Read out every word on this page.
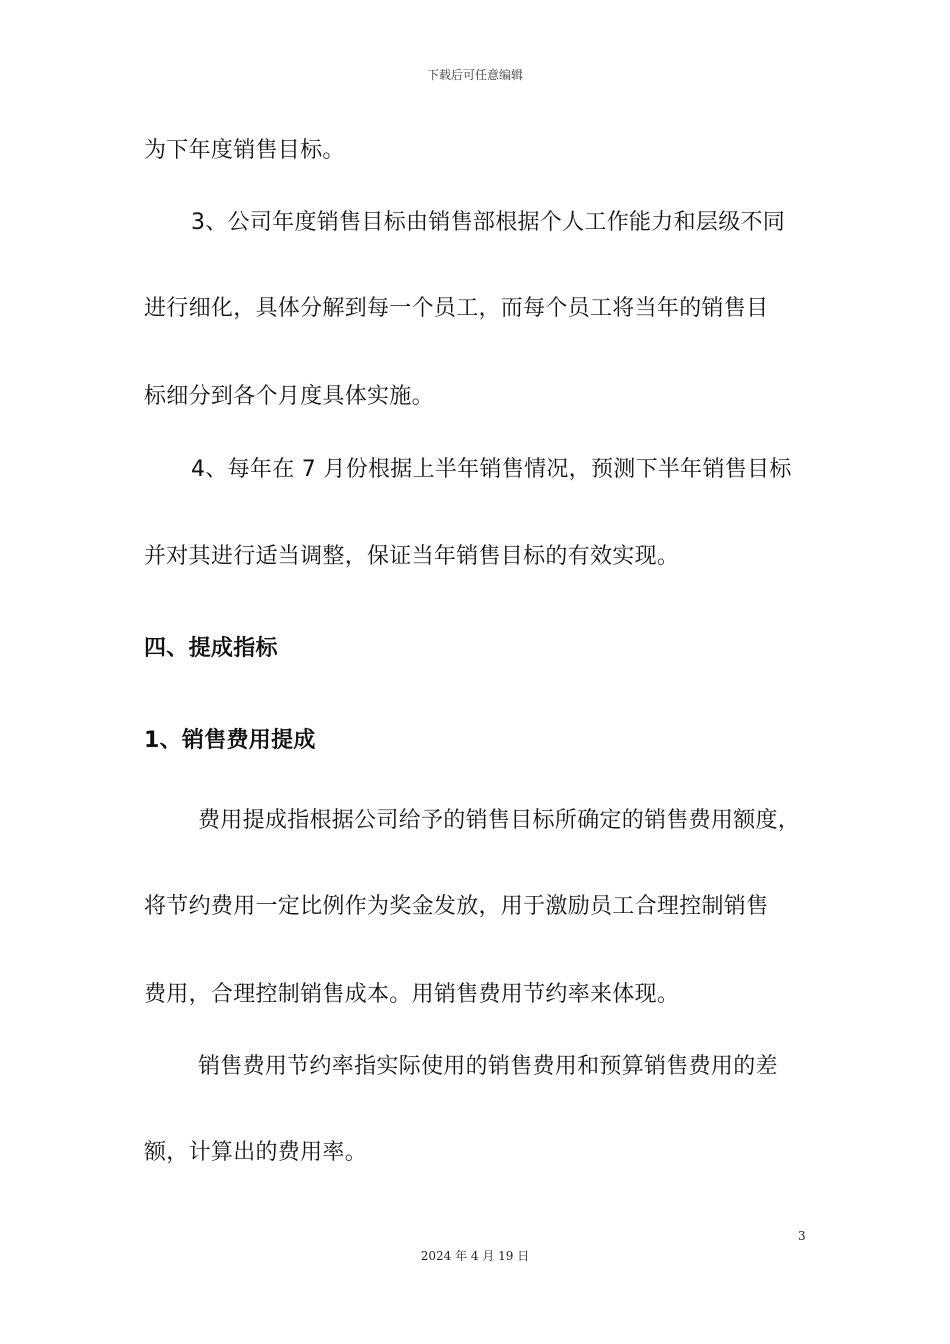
下载后可任意编辑
为下年度销售目标。
3、公司年度销售目标由销售部根据个人工作能力和层级不同
进行细化，具体分解到每一个员工，而每个员工将当年的销售目
标细分到各个月度具体实施。
4、每年在 7 月份根据上半年销售情况，预测下半年销售目标
并对其进行适当调整，保证当年销售目标的有效实现。
四、提成指标
1、销售费用提成
费用提成指根据公司给予的销售目标所确定的销售费用额度，
将节约费用一定比例作为奖金发放，用于激励员工合理控制销售
费用，合理控制销售成本。用销售费用节约率来体现。
销售费用节约率指实际使用的销售费用和预算销售费用的差
额，计算出的费用率。
3
2024 年 4 月 19 日
